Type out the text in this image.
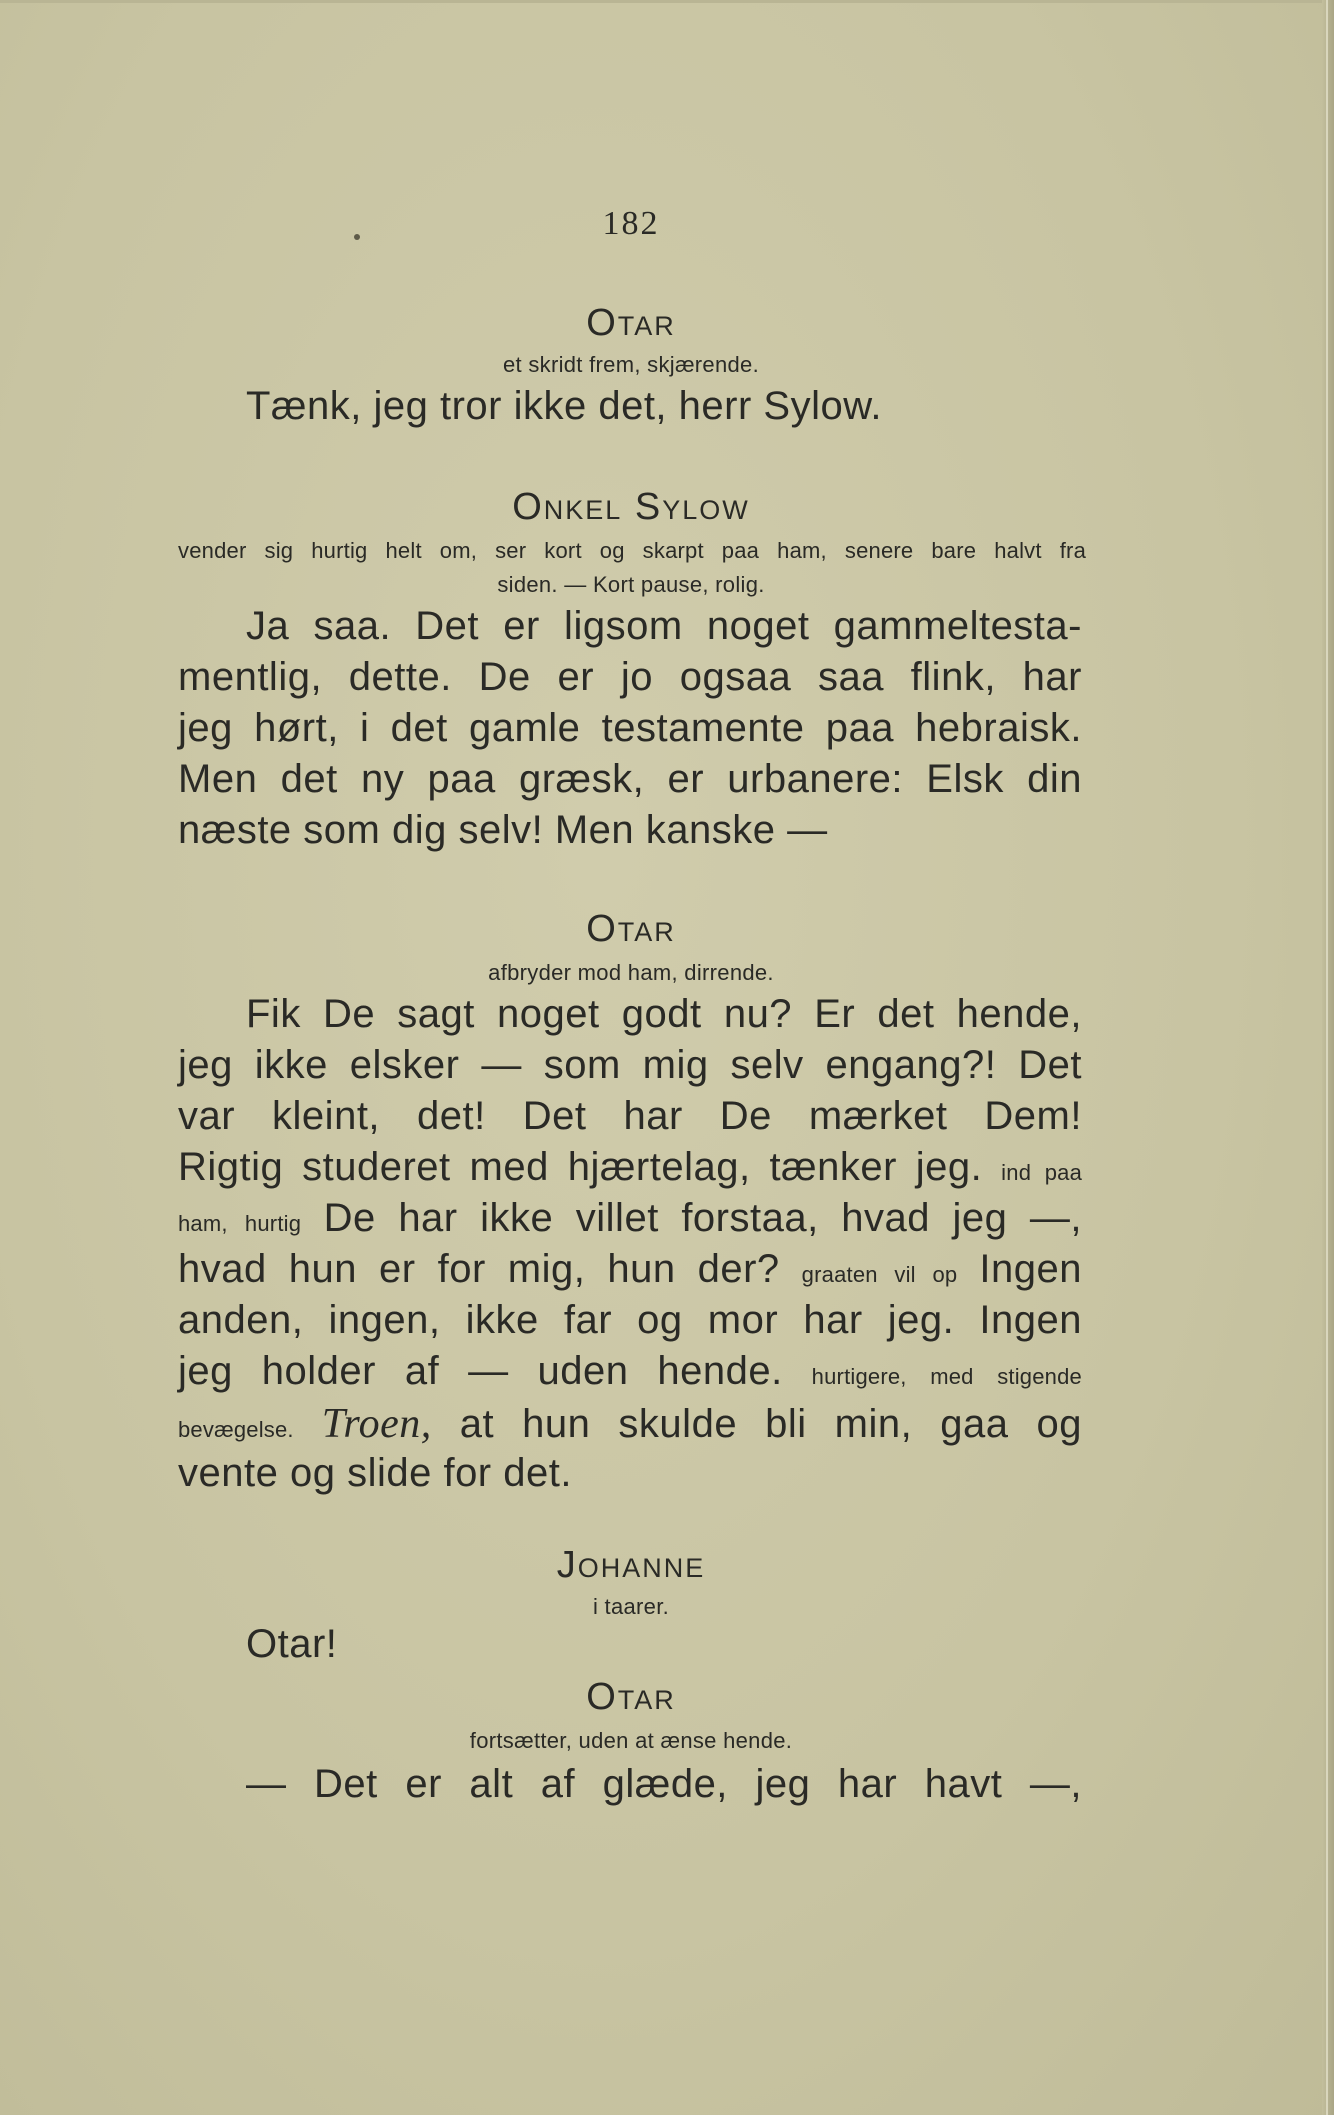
182
Otar
et skridt frem, skjærende.
Tænk, jeg tror ikke det, herr Sylow.
Onkel Sylow
vender sig hurtig helt om, ser kort og skarpt paa ham, senere bare halvt fra
siden. — Kort pause, rolig.
Ja saa. Det er ligsom noget gammeltesta-
mentlig, dette. De er jo ogsaa saa flink, har
jeg hørt, i det gamle testamente paa hebraisk.
Men det ny paa græsk, er urbanere: Elsk din
næste som dig selv! Men kanske —
Otar
afbryder mod ham, dirrende.
Fik De sagt noget godt nu? Er det hende,
jeg ikke elsker — som mig selv engang?! Det
var kleint, det! Det har De mærket Dem!
Rigtig studeret med hjærtelag, tænker jeg. ind paa
ham, hurtig De har ikke villet forstaa, hvad jeg —,
hvad hun er for mig, hun der? graaten vil op Ingen
anden, ingen, ikke far og mor har jeg. Ingen
jeg holder af — uden hende. hurtigere, med stigende
bevægelse. Troen, at hun skulde bli min, gaa og
vente og slide for det.
Johanne
i taarer.
Otar!
Otar
fortsætter, uden at ænse hende.
— Det er alt af glæde, jeg har havt —,
